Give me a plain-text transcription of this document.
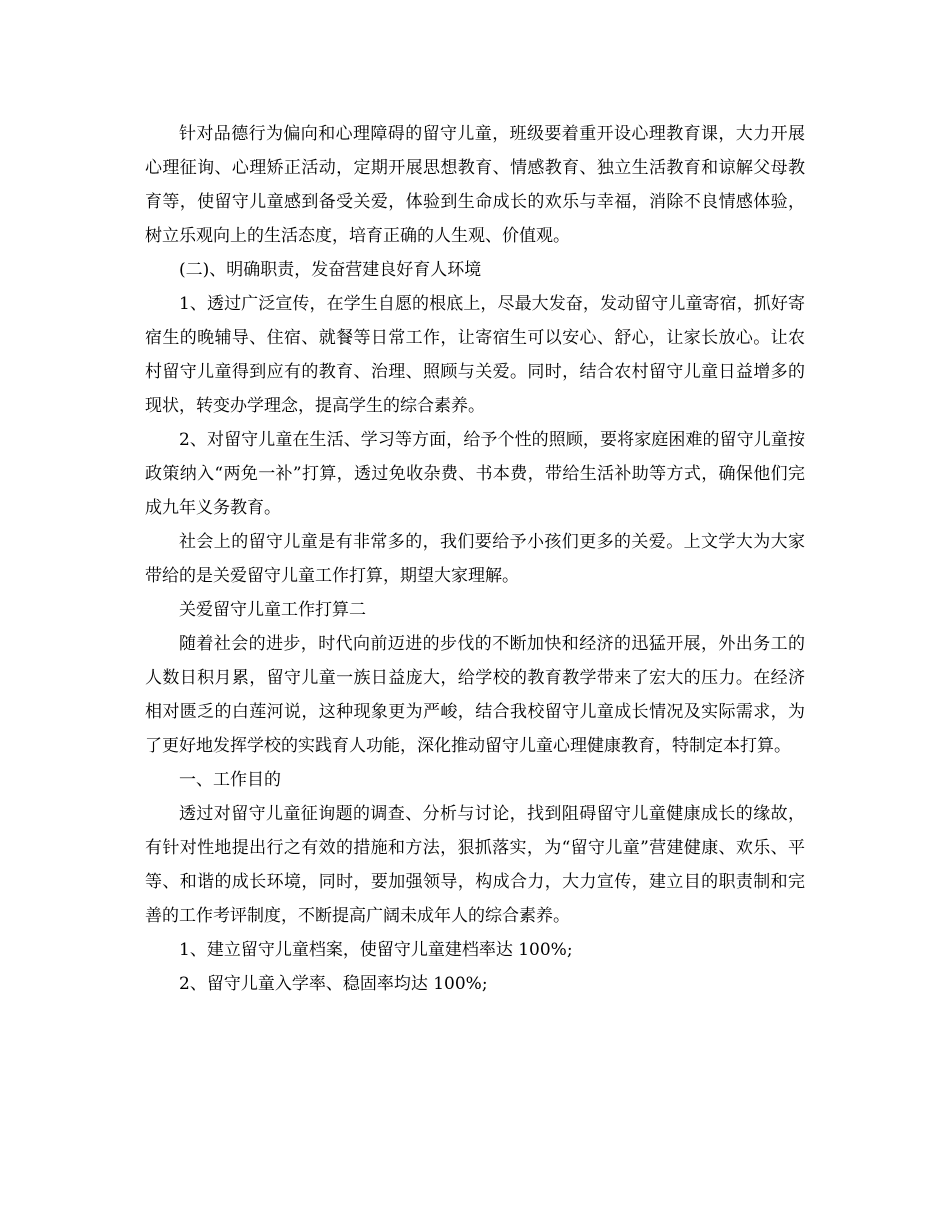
针对品德行为偏向和心理障碍的留守儿童，班级要着重开设心理教育课，大力开展心理征询、心理矫正活动，定期开展思想教育、情感教育、独立生活教育和谅解父母教育等，使留守儿童感到备受关爱，体验到生命成长的欢乐与幸福，消除不良情感体验，树立乐观向上的生活态度，培育正确的人生观、价值观。

(二)、明确职责，发奋营建良好育人环境

1、透过广泛宣传，在学生自愿的根底上，尽最大发奋，发动留守儿童寄宿，抓好寄宿生的晚辅导、住宿、就餐等日常工作，让寄宿生可以安心、舒心，让家长放心。让农村留守儿童得到应有的教育、治理、照顾与关爱。同时，结合农村留守儿童日益增多的现状，转变办学理念，提高学生的综合素养。

2、对留守儿童在生活、学习等方面，给予个性的照顾，要将家庭困难的留守儿童按政策纳入“两免一补”打算，透过免收杂费、书本费，带给生活补助等方式，确保他们完成九年义务教育。

社会上的留守儿童是有非常多的，我们要给予小孩们更多的关爱。上文学大为大家带给的是关爱留守儿童工作打算，期望大家理解。

关爱留守儿童工作打算二

随着社会的进步，时代向前迈进的步伐的不断加快和经济的迅猛开展，外出务工的人数日积月累，留守儿童一族日益庞大，给学校的教育教学带来了宏大的压力。在经济相对匮乏的白莲河说，这种现象更为严峻，结合我校留守儿童成长情况及实际需求，为了更好地发挥学校的实践育人功能，深化推动留守儿童心理健康教育，特制定本打算。

一、工作目的

透过对留守儿童征询题的调查、分析与讨论，找到阻碍留守儿童健康成长的缘故，有针对性地提出行之有效的措施和方法，狠抓落实，为“留守儿童”营建健康、欢乐、平等、和谐的成长环境，同时，要加强领导，构成合力，大力宣传，建立目的职责制和完善的工作考评制度，不断提高广阔未成年人的综合素养。

1、建立留守儿童档案，使留守儿童建档率达 100%;

2、留守儿童入学率、稳固率均达 100%;
